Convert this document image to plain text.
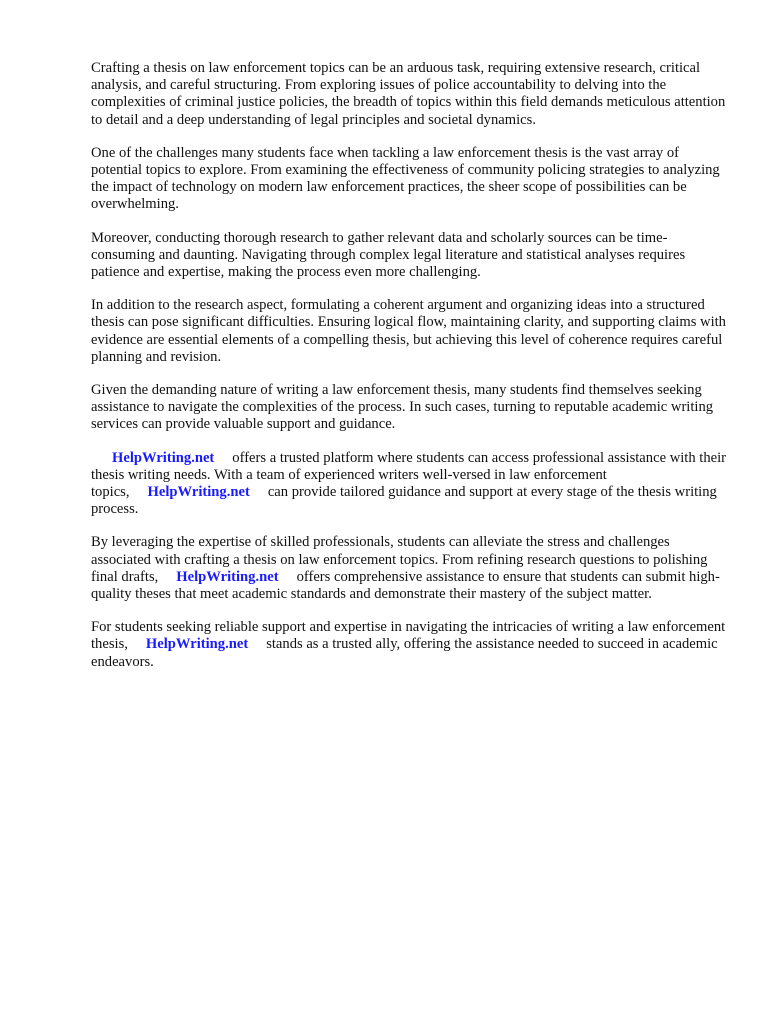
Crafting a thesis on law enforcement topics can be an arduous task, requiring extensive research, critical analysis, and careful structuring. From exploring issues of police accountability to delving into the complexities of criminal justice policies, the breadth of topics within this field demands meticulous attention to detail and a deep understanding of legal principles and societal dynamics.

One of the challenges many students face when tackling a law enforcement thesis is the vast array of potential topics to explore. From examining the effectiveness of community policing strategies to analyzing the impact of technology on modern law enforcement practices, the sheer scope of possibilities can be overwhelming.

Moreover, conducting thorough research to gather relevant data and scholarly sources can be time-consuming and daunting. Navigating through complex legal literature and statistical analyses requires patience and expertise, making the process even more challenging.

In addition to the research aspect, formulating a coherent argument and organizing ideas into a structured thesis can pose significant difficulties. Ensuring logical flow, maintaining clarity, and supporting claims with evidence are essential elements of a compelling thesis, but achieving this level of coherence requires careful planning and revision.

Given the demanding nature of writing a law enforcement thesis, many students find themselves seeking assistance to navigate the complexities of the process. In such cases, turning to reputable academic writing services can provide valuable support and guidance.

HelpWriting.net offers a trusted platform where students can access professional assistance with their thesis writing needs. With a team of experienced writers well-versed in law enforcement topics, HelpWriting.net can provide tailored guidance and support at every stage of the thesis writing process.

By leveraging the expertise of skilled professionals, students can alleviate the stress and challenges associated with crafting a thesis on law enforcement topics. From refining research questions to polishing final drafts, HelpWriting.net offers comprehensive assistance to ensure that students can submit high-quality theses that meet academic standards and demonstrate their mastery of the subject matter.

For students seeking reliable support and expertise in navigating the intricacies of writing a law enforcement thesis, HelpWriting.net stands as a trusted ally, offering the assistance needed to succeed in academic endeavors.
